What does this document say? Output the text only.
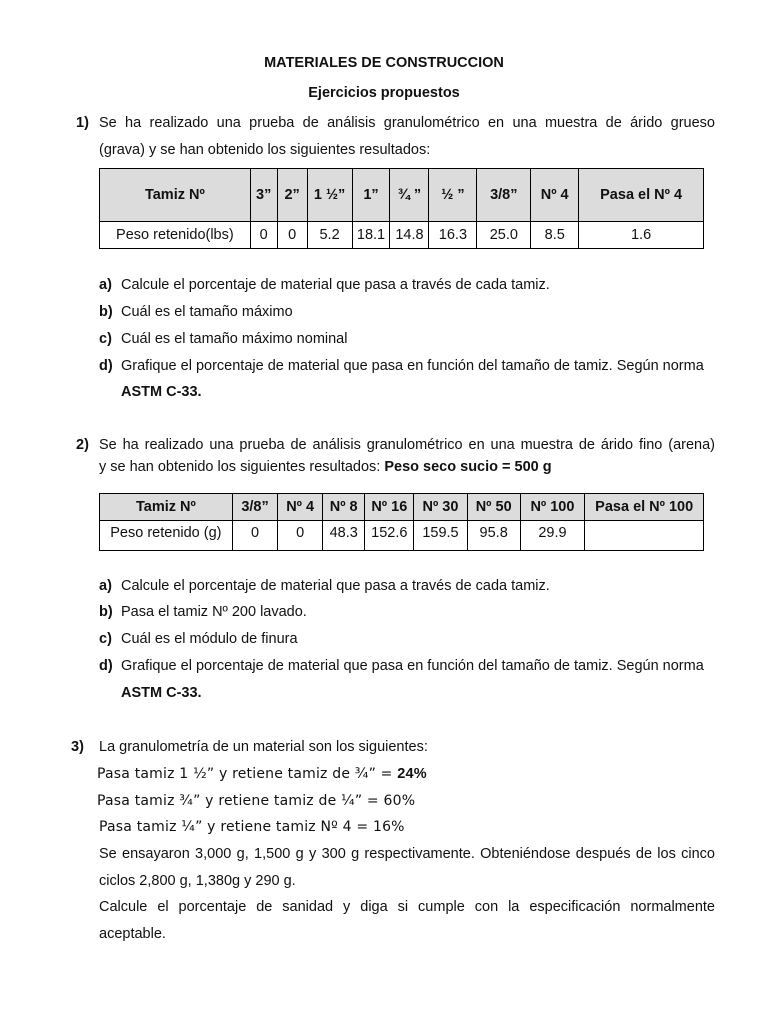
MATERIALES DE CONSTRUCCION
Ejercicios propuestos
1) Se ha realizado una prueba de análisis granulométrico en una muestra de árido grueso
(grava) y se han obtenido los siguientes resultados:
Tamiz Nº	3”	2”	1 ½”	1”	¾ ”	½ ”	3/8”	Nº 4	Pasa el Nº 4
Peso retenido(lbs)	0	0	5.2	18.1	14.8	16.3	25.0	8.5	1.6
a) Calcule el porcentaje de material que pasa a través de cada tamiz.
b) Cuál es el tamaño máximo
c) Cuál es el tamaño máximo nominal
d) Grafique el porcentaje de material que pasa en función del tamaño de tamiz. Según norma
ASTM C-33.
2) Se ha realizado una prueba de análisis granulométrico en una muestra de árido fino (arena)
y se han obtenido los siguientes resultados: Peso seco sucio = 500 g
Tamiz Nº	3/8”	Nº 4	Nº 8	Nº 16	Nº 30	Nº 50	Nº 100	Pasa el Nº 100
Peso retenido (g)	0	0	48.3	152.6	159.5	95.8	29.9	
a) Calcule el porcentaje de material que pasa a través de cada tamiz.
b) Pasa el tamiz Nº 200 lavado.
c) Cuál es el módulo de finura
d) Grafique el porcentaje de material que pasa en función del tamaño de tamiz. Según norma
ASTM C-33.
3) La granulometría de un material son los siguientes:
Pasa tamiz 1 ½” y retiene tamiz de ¾” = 24%
Pasa tamiz ¾” y retiene tamiz de ¼” = 60%
Pasa tamiz ¼” y retiene tamiz Nº 4 = 16%
Se ensayaron 3,000 g, 1,500 g y 300 g respectivamente. Obteniéndose después de los cinco
ciclos 2,800 g, 1,380g y 290 g.
Calcule el porcentaje de sanidad y diga si cumple con la especificación normalmente
aceptable.
